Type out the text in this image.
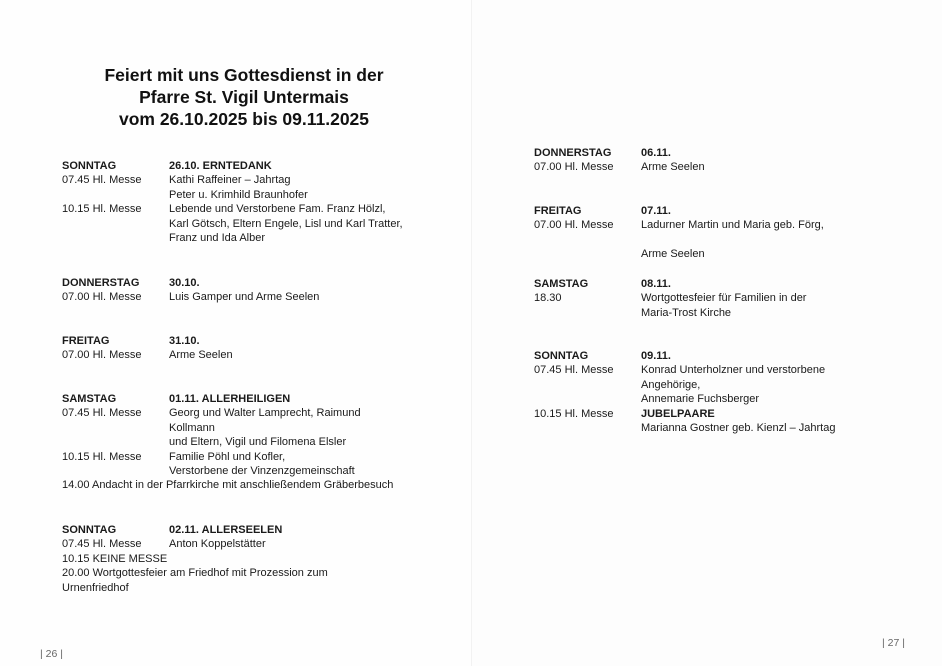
Feiert mit uns Gottesdienst in der
Pfarre St. Vigil Untermais
vom 26.10.2025 bis 09.11.2025
SONNTAG	26.10. ERNTEDANK
07.45 Hl. Messe	Kathi Raffeiner – Jahrtag
Peter u. Krimhild Braunhofer
10.15 Hl. Messe	Lebende und Verstorbene Fam. Franz Hölzl,
Karl Götsch, Eltern Engele, Lisl und Karl Tratter,
Franz und Ida Alber
DONNERSTAG	30.10.
07.00 Hl. Messe	Luis Gamper und Arme Seelen
FREITAG	31.10.
07.00 Hl. Messe	Arme Seelen
SAMSTAG	01.11. ALLERHEILIGEN
07.45 Hl. Messe	Georg und Walter Lamprecht, Raimund
Kollmann
und Eltern, Vigil und Filomena Elsler
10.15 Hl. Messe	Familie Pöhl und Kofler,
Verstorbene der Vinzenzgemeinschaft
14.00 Andacht in der Pfarrkirche mit anschließendem Gräberbesuch
SONNTAG	02.11. ALLERSEELEN
07.45 Hl. Messe	Anton Koppelstätter
10.15 KEINE MESSE
20.00 Wortgottesfeier am Friedhof mit Prozession zum
Urnenfriedhof
| 26 |
DONNERSTAG	06.11.
07.00 Hl. Messe	Arme Seelen
FREITAG	07.11.
07.00 Hl. Messe	Ladurner Martin und Maria geb. Förg,
Arme Seelen
SAMSTAG	08.11.
18.30	Wortgottesfeier für Familien in der
Maria-Trost Kirche
SONNTAG	09.11.
07.45 Hl. Messe	Konrad Unterholzner und verstorbene
Angehörige,
Annemarie Fuchsberger
10.15 Hl. Messe	JUBELPAARE
Marianna Gostner geb. Kienzl – Jahrtag
| 27 |
